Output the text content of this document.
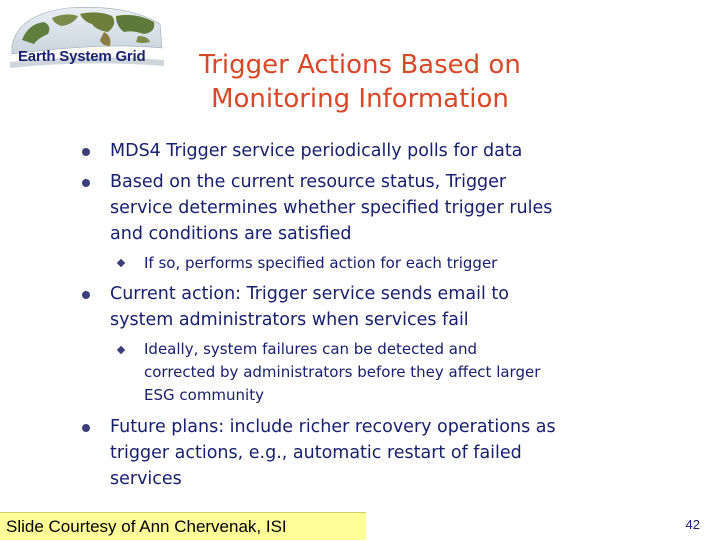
Earth System Grid	Trigger Actions Based on
Monitoring Information
MDS4 Trigger service periodically polls for data
Based on the current resource status, Trigger
service determines whether specified trigger rules
and conditions are satisfied
If so, performs specified action for each trigger
Current action: Trigger service sends email to
system administrators when services fail
Ideally, system failures can be detected and
corrected by administrators before they affect larger
ESG community
Future plans: include richer recovery operations as
trigger actions, e.g., automatic restart of failed
services
Slide Courtesy of Ann Chervenak, ISI	42
